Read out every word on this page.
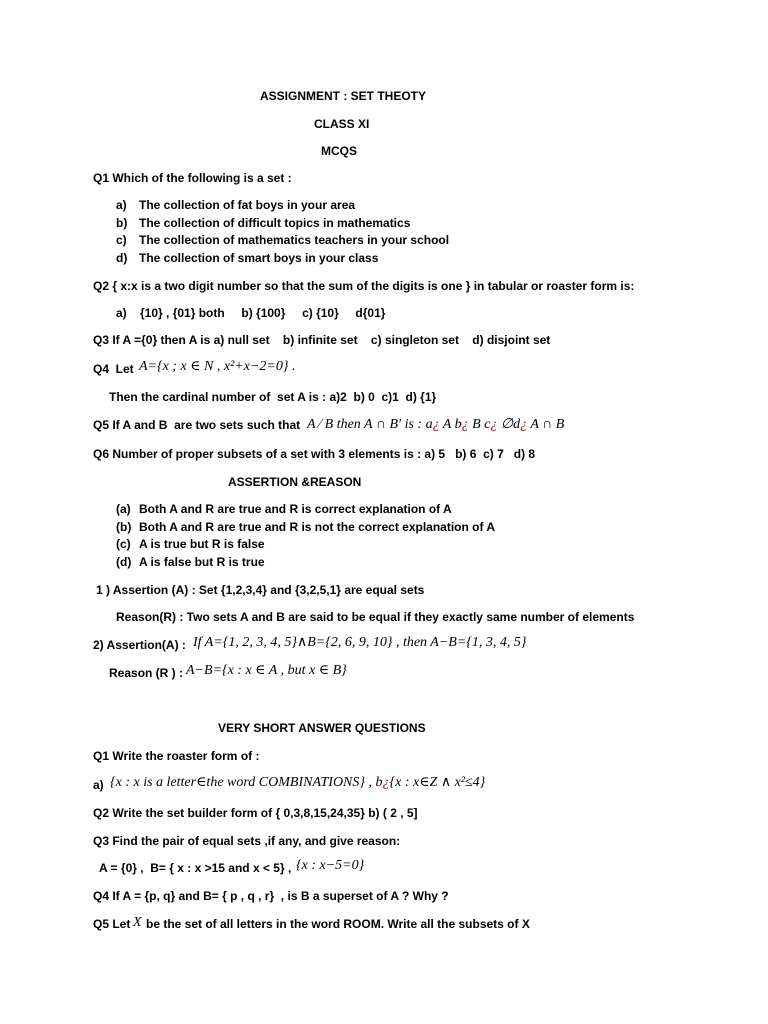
ASSIGNMENT : SET THEOTY
CLASS XI
MCQS
Q1 Which of the following is a set :
a) The collection of fat boys in your area
b) The collection of difficult topics in mathematics
c) The collection of mathematics teachers in your school
d) The collection of smart boys in your class
Q2 { x:x is a two digit number so that the sum of the digits is one } in tabular or roaster form is:
a)    {10} , {01} both     b) {100}     c) {10}     d{01}
Q3 If A ={0} then A is a) null set    b) infinite set    c) singleton set    d) disjoint set
Q4  Let A={x ; x ∈ N , x²+x−2=0} .
Then the cardinal number of  set A is : a)2  b) 0  c)1  d) {1}
Q5 If A and B  are two sets such that A ⁄ B then A ∩ B′ is : a¿ A b¿ B c¿ ∅d¿ A ∩ B
Q6 Number of proper subsets of a set with 3 elements is : a) 5   b) 6  c) 7   d) 8
ASSERTION &REASON
(a) Both A and R are true and R is correct explanation of A
(b) Both A and R are true and R is not the correct explanation of A
(c) A is true but R is false
(d) A is false but R is true
1 ) Assertion (A) : Set {1,2,3,4} and {3,2,5,1} are equal sets
Reason(R) : Two sets A and B are said to be equal if they exactly same number of elements
2) Assertion(A) : If A={1, 2, 3, 4, 5}∧B={2, 6, 9, 10} , then A−B={1, 3, 4, 5}
Reason (R ) : A−B={x : x ∈ A , but x ∈ B}
VERY SHORT ANSWER QUESTIONS
Q1 Write the roaster form of :
a) {x : x is a letter∈the word COMBINATIONS} , b¿{x : x∈Z ∧ x²≤4}
Q2 Write the set builder form of { 0,3,8,15,24,35} b) ( 2 , 5]
Q3 Find the pair of equal sets ,if any, and give reason:
A = {0} ,  B= { x : x >15 and x < 5} , {x : x−5=0}
Q4 If A = {p, q} and B= { p , q , r}  , is B a superset of A ? Why ?
Q5 Let X be the set of all letters in the word ROOM. Write all the subsets of X
